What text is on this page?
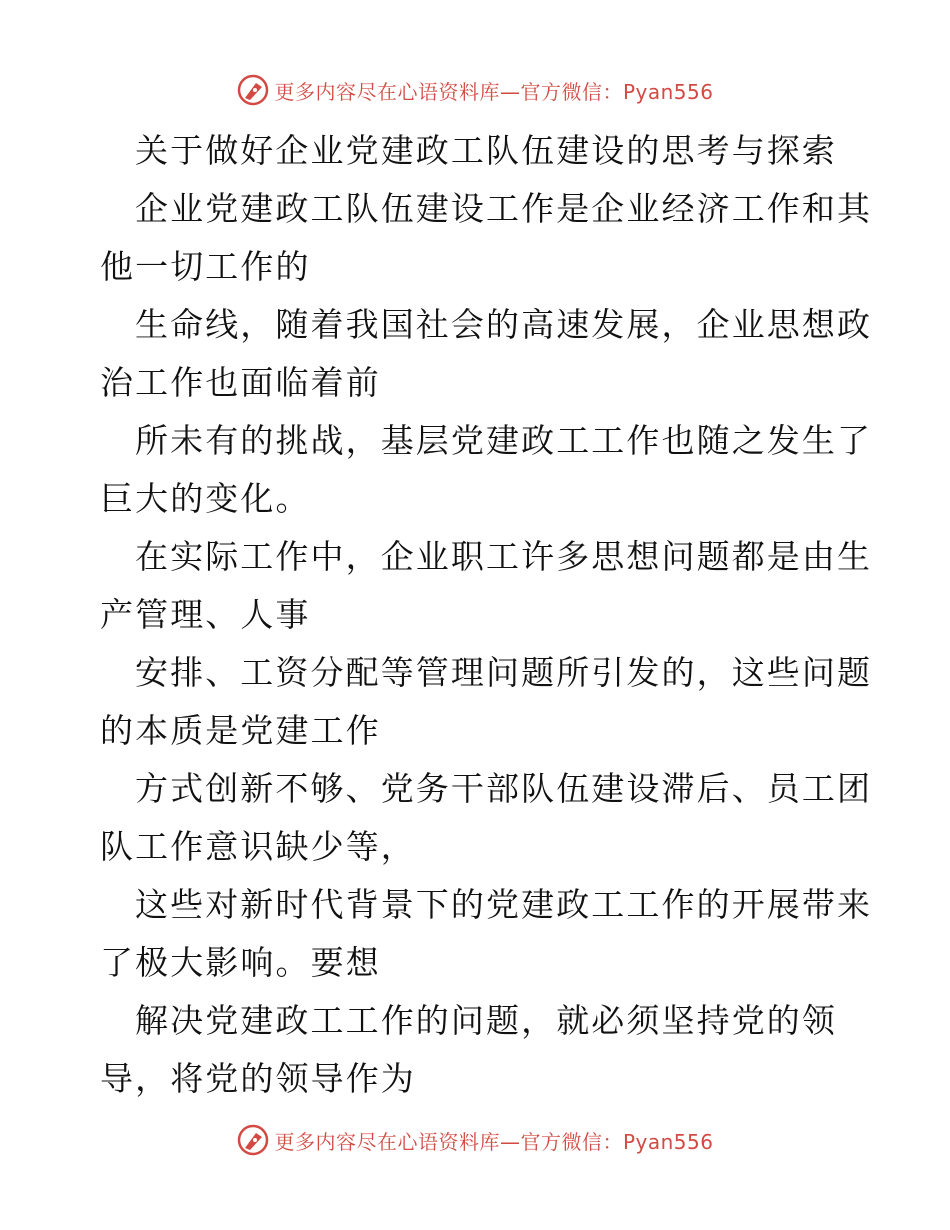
更多内容尽在心语资料库—官方微信：Pyan556
关于做好企业党建政工队伍建设的思考与探索
企业党建政工队伍建设工作是企业经济工作和其
他一切工作的
生命线，随着我国社会的高速发展，企业思想政
治工作也面临着前
所未有的挑战，基层党建政工工作也随之发生了
巨大的变化。
在实际工作中，企业职工许多思想问题都是由生
产管理、人事
安排、工资分配等管理问题所引发的，这些问题
的本质是党建工作
方式创新不够、党务干部队伍建设滞后、员工团
队工作意识缺少等，
这些对新时代背景下的党建政工工作的开展带来
了极大影响。要想
解决党建政工工作的问题，就必须坚持党的领
导，将党的领导作为
更多内容尽在心语资料库—官方微信：Pyan556
